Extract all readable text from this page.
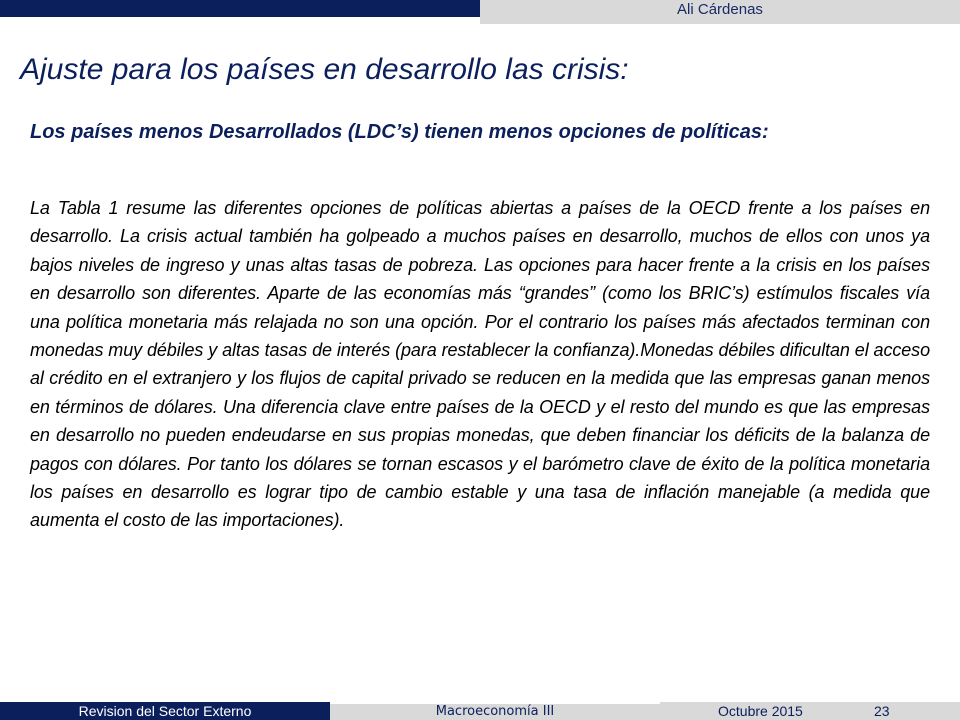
Ali Cárdenas
Ajuste para los países en desarrollo las crisis:

Los países menos Desarrollados (LDC’s) tienen menos opciones de políticas:

La Tabla 1 resume las diferentes opciones de políticas abiertas a países de la OECD frente a los países en desarrollo. La crisis actual también ha golpeado a muchos países en desarrollo, muchos de ellos con unos ya bajos niveles de ingreso y unas altas tasas de pobreza. Las opciones para hacer frente a la crisis en los países en desarrollo son diferentes. Aparte de las economías más “grandes” (como los BRIC’s) estímulos fiscales vía una política monetaria más relajada no son una opción. Por el contrario los países más afectados terminan con monedas muy débiles y altas tasas de interés (para restablecer la confianza).Monedas débiles dificultan el acceso al crédito en el extranjero y los flujos de capital privado se reducen en la medida que las empresas ganan menos en términos de dólares. Una diferencia clave entre países de la OECD y el resto del mundo es que las empresas en desarrollo no pueden endeudarse en sus propias monedas, que deben financiar los déficits de la balanza de pagos con dólares. Por tanto los dólares se tornan escasos y el barómetro clave de éxito de la política monetaria los países en desarrollo es lograr tipo de cambio estable y una tasa de inflación manejable (a medida que aumenta el costo de las importaciones).

Revision del Sector Externo	Macroeconomía III	Octubre 2015	23
